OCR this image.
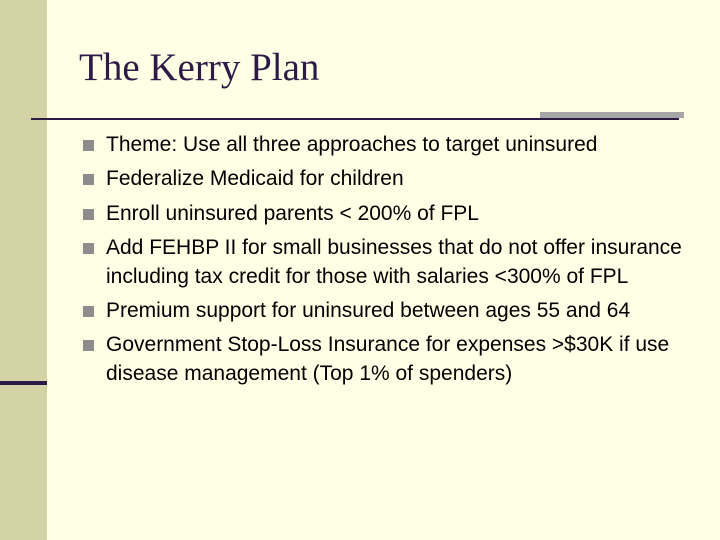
The Kerry Plan
Theme: Use all three approaches to target uninsured
Federalize Medicaid for children
Enroll uninsured parents < 200% of FPL
Add FEHBP II for small businesses that do not offer insurance including tax credit for those with salaries <300% of FPL
Premium support for uninsured between ages 55 and 64
Government Stop-Loss Insurance for expenses >$30K if use disease management (Top 1% of spenders)
